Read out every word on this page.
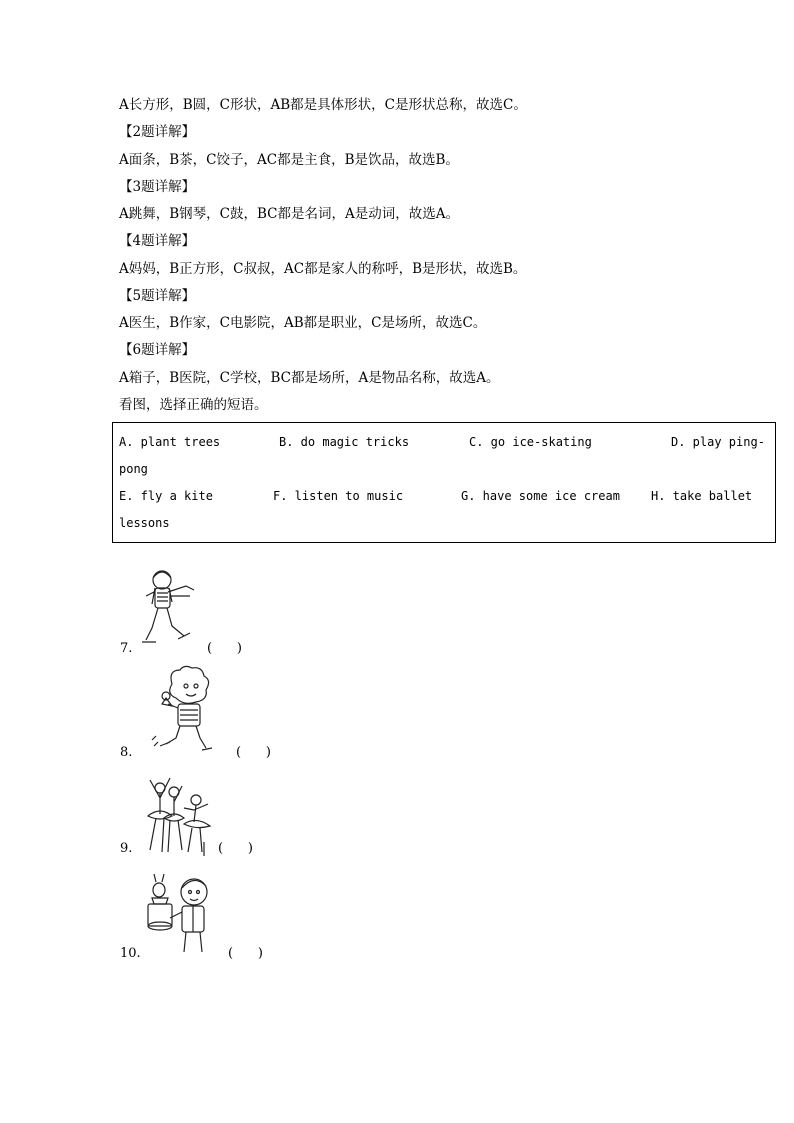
A长方形，B圆，C形状，AB都是具体形状，C是形状总称，故选C。
【2题详解】
A面条，B茶，C饺子，AC都是主食，B是饮品，故选B。
【3题详解】
A跳舞，B钢琴，C鼓，BC都是名词，A是动词，故选A。
【4题详解】
A妈妈，B正方形，C叔叔，AC都是家人的称呼，B是形状，故选B。
【5题详解】
A医生，B作家，C电影院，AB都是职业，C是场所，故选C。
【6题详解】
A箱子，B医院，C学校，BC都是场所，A是物品名称，故选A。
看图，选择正确的短语。
A. plant trees	B. do magic tricks	C. go ice-skating	D. play ping-
pong
E. fly a kite	F. listen to music	G. have some ice cream	H. take ballet
lessons
7.	(      )
8.	(      )
9.	(      )
10.	(      )
